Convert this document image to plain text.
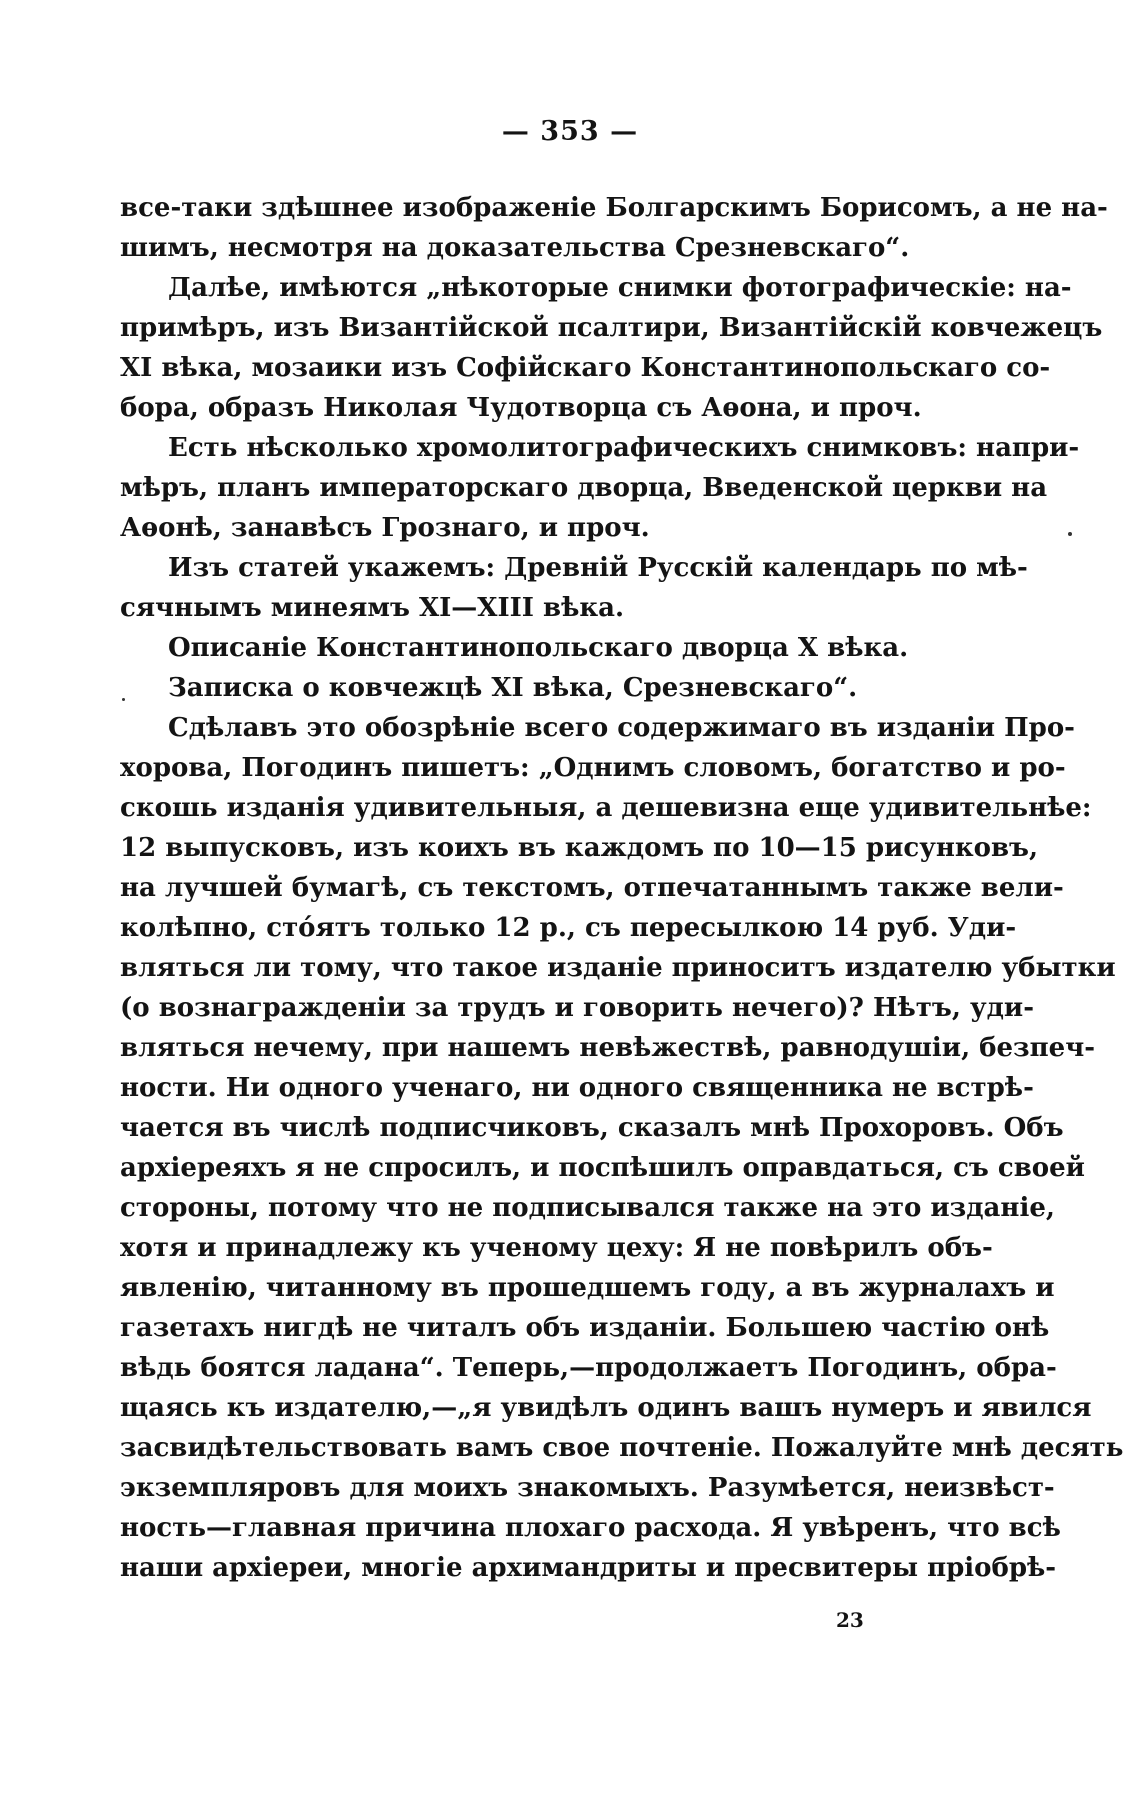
— 353 —
все-таки здѣшнее изображенiе Болгарскимъ Борисомъ, а не на-
шимъ, несмотря на доказательства Срезневскаго“.
Далѣе, имѣются „нѣкоторые снимки фотографическiе: на-
примѣръ, изъ Византiйской псалтири, Византiйскiй ковчежецъ
XI вѣка, мозаики изъ Софiйскаго Константинопольскаго со-
бора, образъ Николая Чудотворца съ Аѳона, и проч.
Есть нѣсколько хромолитографическихъ снимковъ: напри-
мѣръ, планъ императорскаго дворца, Введенской церкви на
Аѳонѣ, занавѣсъ Грознаго, и проч.
Изъ статей укажемъ: Древнiй Русскiй календарь по мѣ-
сячнымъ минеямъ XI—XIII вѣка.
Описанiе Константинопольскаго дворца X вѣка.
Записка о ковчежцѣ XI вѣка, Срезневскаго“.
Сдѣлавъ это обозрѣнiе всего содержимаго въ изданiи Про-
хорова, Погодинъ пишетъ: „Однимъ словомъ, богатство и ро-
скошь изданiя удивительныя, а дешевизна еще удивительнѣе:
12 выпусковъ, изъ коихъ въ каждомъ по 10—15 рисунковъ,
на лучшей бумагѣ, съ текстомъ, отпечатаннымъ также вели-
колѣпно, стóятъ только 12 р., съ пересылкою 14 руб. Уди-
вляться ли тому, что такое изданiе приноситъ издателю убытки
(о вознагражденiи за трудъ и говорить нечего)? Нѣтъ, уди-
вляться нечему, при нашемъ невѣжествѣ, равнодушiи, безпеч-
ности. Ни одного ученаго, ни одного священника не встрѣ-
чается въ числѣ подписчиковъ, сказалъ мнѣ Прохоровъ. Объ
архiереяхъ я не спросилъ, и поспѣшилъ оправдаться, съ своей
стороны, потому что не подписывался также на это изданiе,
хотя и принадлежу къ ученому цеху: Я не повѣрилъ объ-
явленiю, читанному въ прошедшемъ году, а въ журналахъ и
газетахъ нигдѣ не читалъ объ изданiи. Большею частiю онѣ
вѣдь боятся ладана“. Теперь,—продолжаетъ Погодинъ, обра-
щаясь къ издателю,—„я увидѣлъ одинъ вашъ нумеръ и явился
засвидѣтельствовать вамъ свое почтенiе. Пожалуйте мнѣ десять
экземпляровъ для моихъ знакомыхъ. Разумѣется, неизвѣст-
ность—главная причина плохаго расхода. Я увѣренъ, что всѣ
наши архiереи, многiе архимандриты и пресвитеры прiобрѣ-
23
